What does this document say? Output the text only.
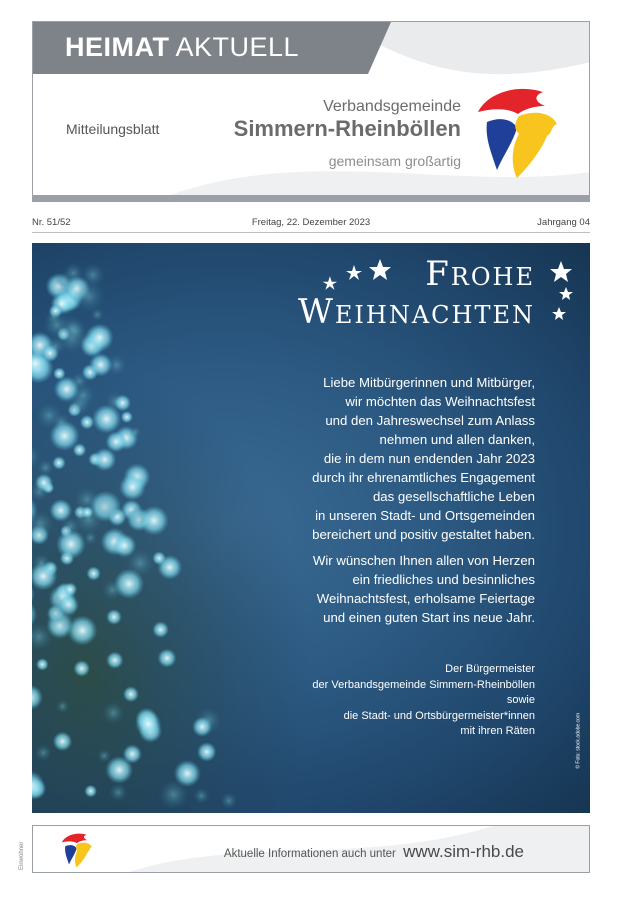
HEIMAT AKTUELL
Mitteilungsblatt
Verbandsgemeinde
Simmern-Rheinböllen
gemeinsam großartig
Nr. 51/52	Freitag, 22. Dezember 2023	Jahrgang 04
Frohe
Weihnachten

Liebe Mitbürgerinnen und Mitbürger,
wir möchten das Weihnachtsfest
und den Jahreswechsel zum Anlass
nehmen und allen danken,
die in dem nun endenden Jahr 2023
durch ihr ehrenamtliches Engagement
das gesellschaftliche Leben
in unseren Stadt- und Ortsgemeinden
bereichert und positiv gestaltet haben.

Wir wünschen Ihnen allen von Herzen
ein friedliches und besinnliches
Weihnachtsfest, erholsame Feiertage
und einen guten Start ins neue Jahr.

Der Bürgermeister
der Verbandsgemeinde Simmern-Rheinböllen
sowie
die Stadt- und Ortsbürgermeister*innen
mit ihren Räten	© Foto: stock.adobe.com
Aktuelle Informationen auch unter www.sim-rhb.de
Einwohner
